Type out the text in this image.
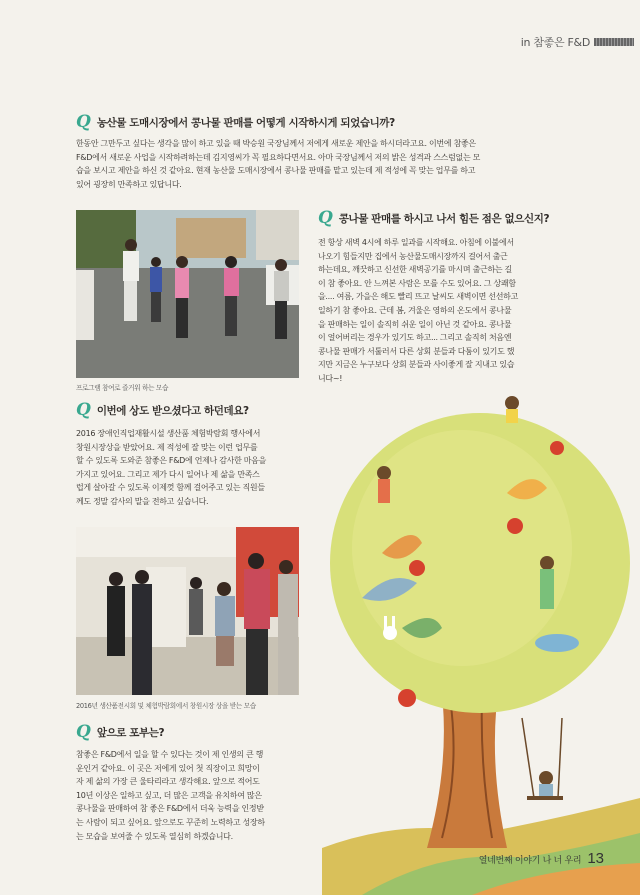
in 참좋은 F&D
Q 농산물 도매시장에서 콩나물 판매를 어떻게 시작하시게 되었습니까?
한동안 그만두고 싶다는 생각을 많이 하고 있을 때 박승원 국장님께서 저에게 새로운 제안을 하시더라고요. 이번에 참좋은
F&D에서 새로운 사업을 시작하려하는데 김지영씨가 꼭 필요하다면서요. 아마 국장님께서 저의 밝은 성격과 스스럼없는 모
습을 보시고 제안을 하신 것 같아요. 현재 농산물 도매시장에서 콩나물 판매를 맡고 있는데 제 적성에 꼭 맞는 업무를 하고
있어 굉장히 만족하고 있답니다.
프로그램 참여로 즐거워 하는 모습
Q 콩나물 판매를 하시고 나서 힘든 점은 없으신지?
전 항상 새벽 4시에 하루 일과를 시작해요. 아침에 이불에서
나오기 힘들지만 집에서 농산물도매시장까지 걸어서 출근
하는데요, 깨끗하고 신선한 새벽공기를 마시며 출근하는 길
이 참 좋아요. 안 느껴본 사람은 모를 수도 있어요. 그 상쾌함
을.... 여름, 가을은 해도 빨리 뜨고 날씨도 새벽이면 선선하고
일하기 참 좋아요. 근데 봄, 겨울은 영하의 온도에서 콩나물
을 판매하는 일이 솔직히 쉬운 일이 아닌 것 같아요. 콩나물
이 얼어버리는 경우가 있기도 하고... 그리고 솔직히 처음엔
콩나물 판매가 서툴러서 다른 상회 분들과 다툼이 있기도 했
지만 지금은 누구보다 상회 분들과 사이좋게 잘 지내고 있습
니다~!
Q 이번에 상도 받으셨다고 하던데요?
2016 장애인직업재활시설 생산품 체험박람회 행사에서
창원시장상을 받았어요. 제 적성에 잘 맞는 이런 업무를
할 수 있도록 도와준 참좋은 F&D에 언제나 감사한 마음을
가지고 있어요. 그리고 제가 다시 일어나 제 삶을 만족스
럽게 살아갈 수 있도록 이제껏 함께 걸어주고 있는 직원들
께도 정말 감사의 말을 전하고 싶습니다.
2016년 생산품전시회 및 체험박람회에서 창원시장 상을 받는 모습
Q 앞으로 포부는?
참좋은 F&D에서 일을 할 수 있다는 것이 제 인생의 큰 행
운인거 같아요. 이 곳은 저에게 있어 첫 직장이고 희망이
자 제 삶의 가장 큰 울타리라고 생각해요. 앞으로 적어도
10년 이상은 일하고 싶고, 더 많은 고객을 유치하여 많은
콩나물을 판매하여 참 좋은 F&D에서 더욱 능력을 인정받
는 사람이 되고 싶어요. 앞으로도 꾸준히 노력하고 성장하
는 모습을 보여줄 수 있도록 열심히 하겠습니다.
열네번째 이야기 나 너 우리 13
